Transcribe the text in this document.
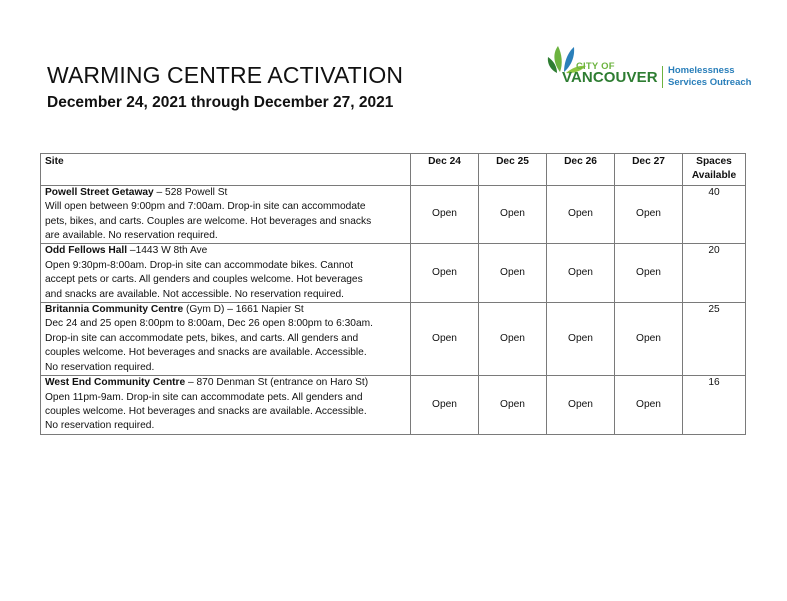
WARMING CENTRE ACTIVATION
December 24, 2021 through December 27, 2021
CITY OF
VANCOUVER Homelessness
Services Outreach
Site	Dec 24	Dec 25	Dec 26	Dec 27	Spaces
Available

Powell Street Getaway – 528 Powell St
Will open between 9:00pm and 7:00am. Drop-in site can accommodate
pets, bikes, and carts. Couples are welcome. Hot beverages and snacks
are available. No reservation required.	Open	Open	Open	Open	40
Odd Fellows Hall –1443 W 8th Ave
Open 9:30pm-8:00am. Drop-in site can accommodate bikes. Cannot
accept pets or carts. All genders and couples welcome. Hot beverages
and snacks are available. Not accessible. No reservation required.	Open	Open	Open	Open	20
Britannia Community Centre (Gym D) – 1661 Napier St
Dec 24 and 25 open 8:00pm to 8:00am, Dec 26 open 8:00pm to 6:30am.
Drop-in site can accommodate pets, bikes, and carts. All genders and
couples welcome. Hot beverages and snacks are available. Accessible.
No reservation required.	Open	Open	Open	Open	25
West End Community Centre – 870 Denman St (entrance on Haro St)
Open 11pm-9am. Drop-in site can accommodate pets. All genders and
couples welcome. Hot beverages and snacks are available. Accessible.
No reservation required.	Open	Open	Open	Open	16
